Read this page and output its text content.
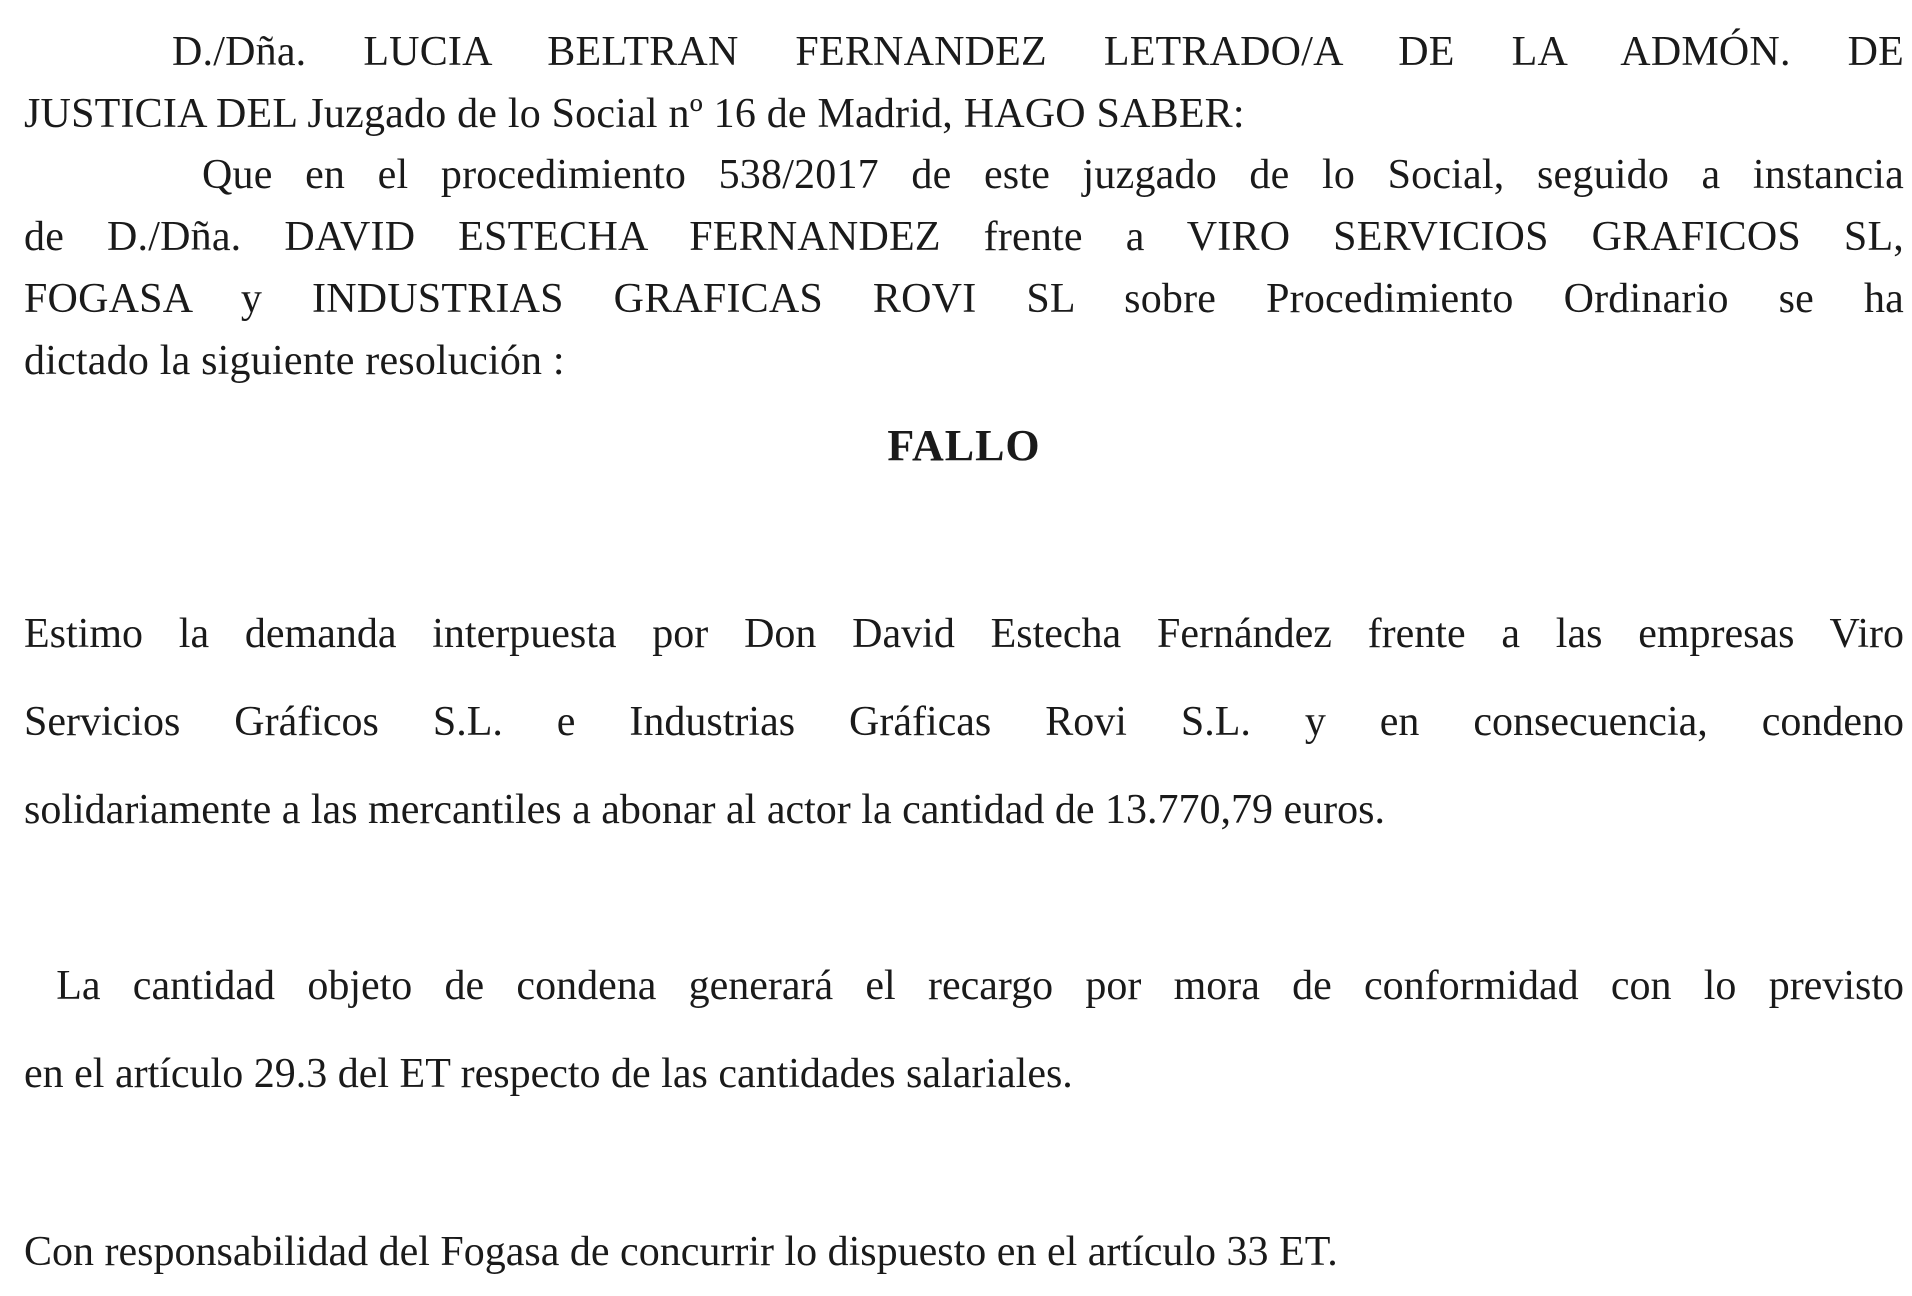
D./Dña. LUCIA BELTRAN FERNANDEZ LETRADO/A DE LA ADMÓN. DE
JUSTICIA DEL Juzgado de lo Social nº 16 de Madrid, HAGO SABER:
Que en el procedimiento 538/2017 de este juzgado de lo Social, seguido a instancia
de D./Dña. DAVID ESTECHA FERNANDEZ frente a VIRO SERVICIOS GRAFICOS SL,
FOGASA y INDUSTRIAS GRAFICAS ROVI SL sobre Procedimiento Ordinario se ha
dictado la siguiente resolución :
FALLO
Estimo la demanda interpuesta por Don David Estecha Fernández frente a las empresas Viro
Servicios Gráficos S.L. e Industrias Gráficas Rovi S.L. y en consecuencia, condeno
solidariamente a las mercantiles a abonar al actor la cantidad de 13.770,79 euros.
La cantidad objeto de condena generará el recargo por mora de conformidad con lo previsto
en el artículo 29.3 del ET respecto de las cantidades salariales.
Con responsabilidad del Fogasa de concurrir lo dispuesto en el artículo 33 ET.
